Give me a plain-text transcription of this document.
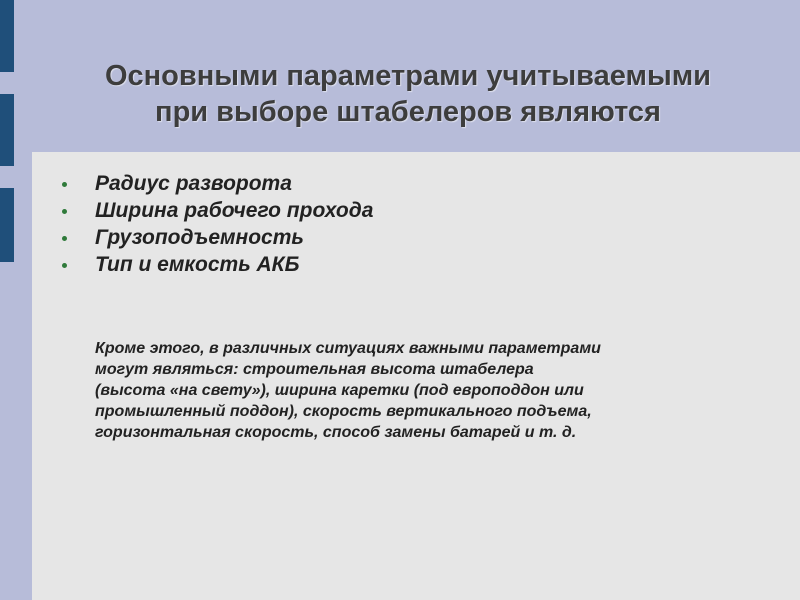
Основными параметрами учитываемыми
при выборе штабелеров являются
Радиус разворота
Ширина рабочего прохода
Грузоподъемность
Тип и емкость АКБ
Кроме этого, в различных ситуациях важными параметрами
могут являться: строительная высота штабелера
(высота «на свету»), ширина каретки (под европоддон или
промышленный поддон), скорость вертикального подъема,
горизонтальная скорость, способ замены батарей и т. д.
